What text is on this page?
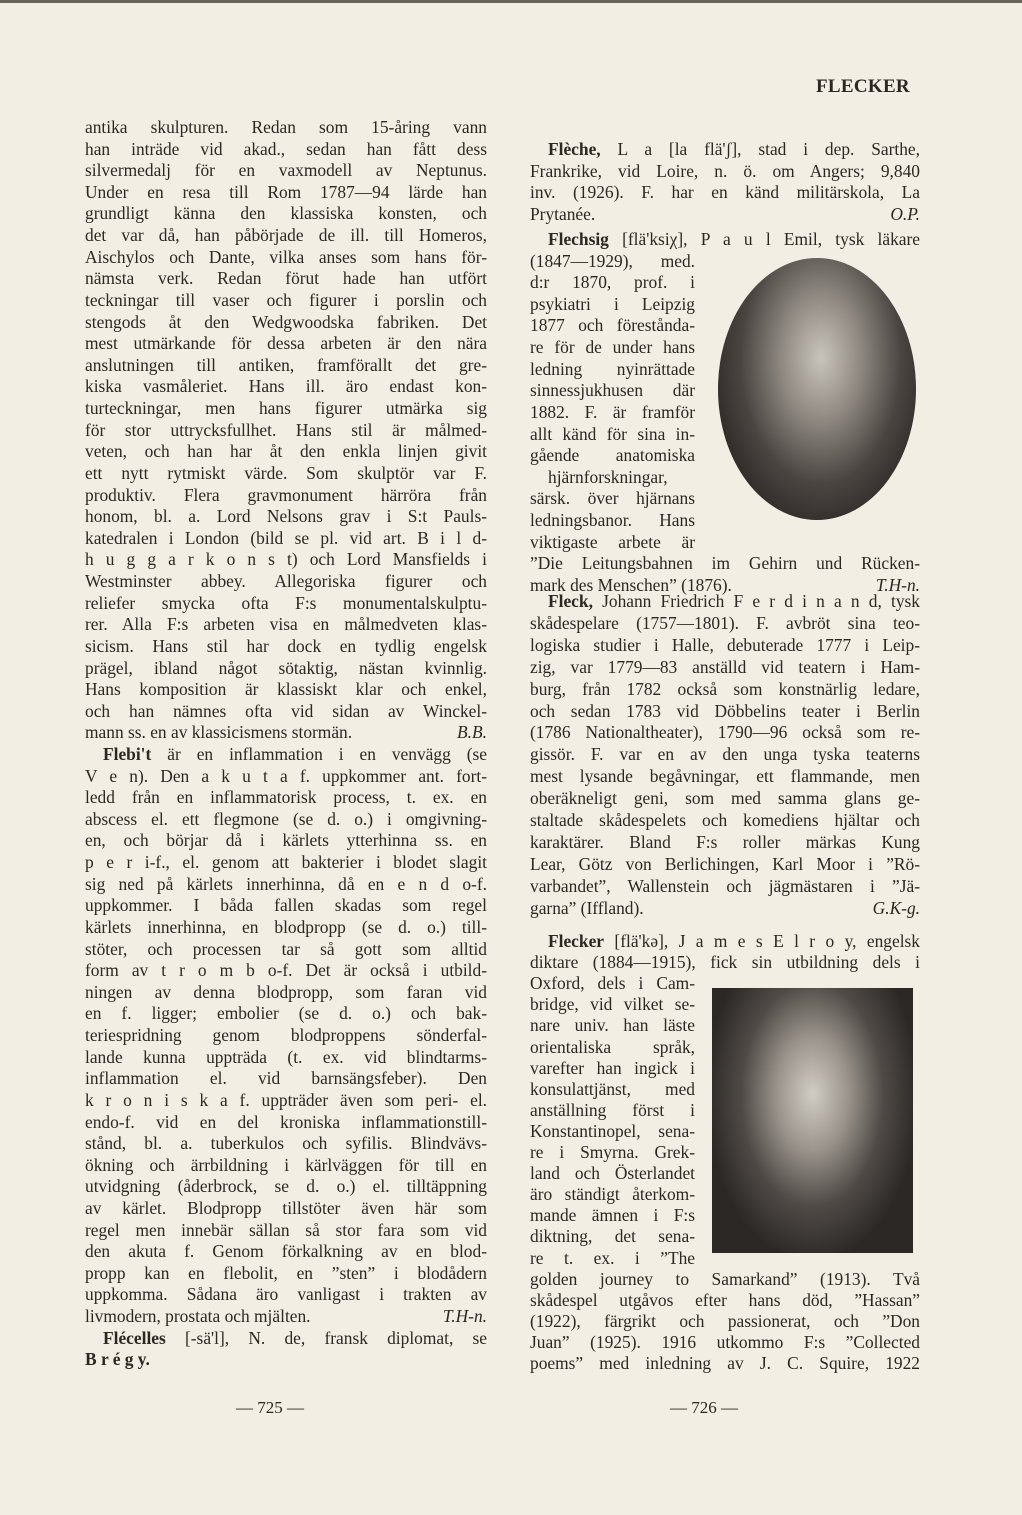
FLECKER
antika skulpturen. Redan som 15-åring vann
han inträde vid akad., sedan han fått dess
silvermedalj för en vaxmodell av Neptunus.
Under en resa till Rom 1787—94 lärde han
grundligt känna den klassiska konsten, och
det var då, han påbörjade de ill. till Homeros,
Aischylos och Dante, vilka anses som hans för-
nämsta verk. Redan förut hade han utfört
teckningar till vaser och figurer i porslin och
stengods åt den Wedgwoodska fabriken. Det
mest utmärkande för dessa arbeten är den nära
anslutningen till antiken, framförallt det gre-
kiska vasmåleriet. Hans ill. äro endast kon-
turteckningar, men hans figurer utmärka sig
för stor uttrycksfullhet. Hans stil är målmed-
veten, och han har åt den enkla linjen givit
ett nytt rytmiskt värde. Som skulptör var F.
produktiv. Flera gravmonument härröra från
honom, bl. a. Lord Nelsons grav i S:t Pauls-
katedralen i London (bild se pl. vid art. B i l d-
h u g g a r k o n s t) och Lord Mansfields i
Westminster abbey. Allegoriska figurer och
reliefer smycka ofta F:s monumentalskulptu-
rer. Alla F:s arbeten visa en målmedveten klas-
sicism. Hans stil har dock en tydlig engelsk
prägel, ibland något sötaktig, nästan kvinnlig.
Hans komposition är klassiskt klar och enkel,
och han nämnes ofta vid sidan av Winckel-
B.B.
mann ss. en av klassicismens stormän.
Flebi't är en inflammation i en venvägg (se
V e n). Den a k u t a f. uppkommer ant. fort-
ledd från en inflammatorisk process, t. ex. en
abscess el. ett flegmone (se d. o.) i omgivning-
en, och börjar då i kärlets ytterhinna ss. en
p e r i-f., el. genom att bakterier i blodet slagit
sig ned på kärlets innerhinna, då en e n d o-f.
uppkommer. I båda fallen skadas som regel
kärlets innerhinna, en blodpropp (se d. o.) till-
stöter, och processen tar så gott som alltid
form av t r o m b o-f. Det är också i utbild-
ningen av denna blodpropp, som faran vid
en f. ligger; embolier (se d. o.) och bak-
teriespridning genom blodproppens sönderfal-
lande kunna uppträda (t. ex. vid blindtarms-
inflammation el. vid barnsängsfeber). Den
k r o n i s k a f. uppträder även som peri- el.
endo-f. vid en del kroniska inflammationstill-
stånd, bl. a. tuberkulos och syfilis. Blindvävs-
ökning och ärrbildning i kärlväggen för till en
utvidgning (åderbrock, se d. o.) el. tilltäppning
av kärlet. Blodpropp tillstöter även här som
regel men innebär sällan så stor fara som vid
den akuta f. Genom förkalkning av en blod-
propp kan en flebolit, en ”sten” i blodådern
uppkomma. Sådana äro vanligast i trakten av
T.H-n.
livmodern, prostata och mjälten.
Flécelles [-sä'l], N. de, fransk diplomat, se
B r é g y.
Flèche, L a [la flä'ʃ], stad i dep. Sarthe,
Frankrike, vid Loire, n. ö. om Angers; 9,840
inv. (1926). F. har en känd militärskola, La
O.P.
Prytanée.
Flechsig [flä'ksiχ], P a u l Emil, tysk läkare
(1847—1929), med.
d:r 1870, prof. i
psykiatri i Leipzig
1877 och förestånda-
re för de under hans
ledning nyinrättade
sinnessjukhusen där
1882. F. är framför
allt känd för sina in-
gående anatomiska
hjärnforskningar,
särsk. över hjärnans
ledningsbanor. Hans
viktigaste arbete är
”Die Leitungsbahnen im Gehirn und Rücken-
T.H-n.
mark des Menschen” (1876).
Fleck, Johann Friedrich F e r d i n a n d, tysk
skådespelare (1757—1801). F. avbröt sina teo-
logiska studier i Halle, debuterade 1777 i Leip-
zig, var 1779—83 anställd vid teatern i Ham-
burg, från 1782 också som konstnärlig ledare,
och sedan 1783 vid Döbbelins teater i Berlin
(1786 Nationaltheater), 1790—96 också som re-
gissör. F. var en av den unga tyska teaterns
mest lysande begåvningar, ett flammande, men
oberäkneligt geni, som med samma glans ge-
staltade skådespelets och komediens hjältar och
karaktärer. Bland F:s roller märkas Kung
Lear, Götz von Berlichingen, Karl Moor i ”Rö-
varbandet”, Wallenstein och jägmästaren i ”Jä-
G.K-g.
garna” (Iffland).
Flecker [flä'kə], J a m e s E l r o y, engelsk
diktare (1884—1915), fick sin utbildning dels i
Oxford, dels i Cam-
bridge, vid vilket se-
nare univ. han läste
orientaliska språk,
varefter han ingick i
konsulattjänst, med
anställning först i
Konstantinopel, sena-
re i Smyrna. Grek-
land och Österlandet
äro ständigt återkom-
mande ämnen i F:s
diktning, det sena-
re t. ex. i ”The
golden journey to Samarkand” (1913). Två
skådespel utgåvos efter hans död, ”Hassan”
(1922), färgrikt och passionerat, och ”Don
Juan” (1925). 1916 utkommo F:s ”Collected
poems” med inledning av J. C. Squire, 1922
— 725 —	— 726 —
